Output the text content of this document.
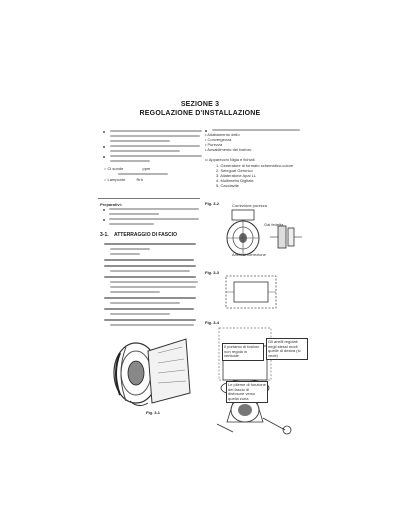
SEZIONE 3
REGOLAZIONE D'INSTALLAZIONE
○ Cl sonde	ppm
○ Lamponte	Rrh
• Adattamento dello
• Convergenza
• Purezza
• Ansaldimento del fosforo
•• Apparecchi Nigia e fichiali
1. Generatore di formato schematico-colore
2. Seleguat Gerorico
3. Aliateratone Apal LL
4. Multimetro Digitale
5. Cacciavite
Preparativi:
3-1. ATTERRAGGIO DI FASCIO
Fig. 3-1
Fig. 3-2	Correzione purezza
Gal fedelta
Anelli di correzione
Fig. 3-3
Fig. 3-4
Il portanto di fosforo non regola in verticale
Gli anelli regolati negli stessi modi quelle di destra (si vede)
Le pileme di funzione del fascio di disfosore verso quella zona
